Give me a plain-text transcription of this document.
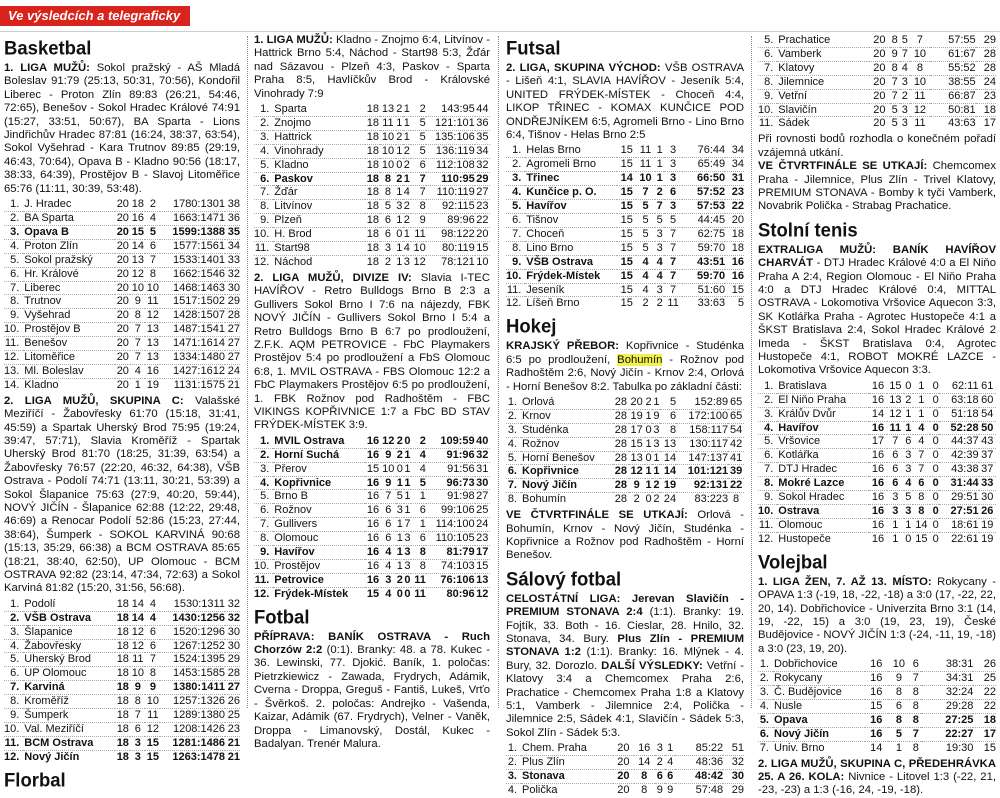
Ve výsledcích a telegraficky
Basketbal
1. LIGA MUŽŮ: Sokol pražský - AŠ Mladá Boleslav 91:79 (25:13, 50:31, 70:56), Kondořil Liberec - Proton Zlín 89:83 (26:21, 54:46, 72:65), Benešov - Sokol Hradec Králové 74:91 (15:27, 33:51, 50:67), BA Sparta - Lions Jindřichův Hradec 87:81 (16:24, 38:37, 63:54), Sokol Vyšehrad - Kara Trutnov 89:85 (29:19, 46:43, 70:64), Opava B - Kladno 90:56 (18:17, 38:33, 64:39), Prostějov B - Slavoj Litoměřice 65:76 (11:11, 30:39, 53:48).
1.	J. Hradec	20	18	2	1780:1301	38
2.	BA Sparta	20	16	4	1663:1471	36
3.	Opava B	20	15	5	1599:1388	35
4.	Proton Zlín	20	14	6	1577:1561	34
5.	Sokol pražský	20	13	7	1533:1401	33
6.	Hr. Králové	20	12	8	1662:1546	32
7.	Liberec	20	10	10	1468:1463	30
8.	Trutnov	20	9	11	1517:1502	29
9.	Vyšehrad	20	8	12	1428:1507	28
10.	Prostějov B	20	7	13	1487:1541	27
11.	Benešov	20	7	13	1471:1614	27
12.	Litoměřice	20	7	13	1334:1480	27
13.	Ml. Boleslav	20	4	16	1427:1612	24
14.	Kladno	20	1	19	1131:1575	21
2. LIGA MUŽŮ, SKUPINA C: Valašské Meziříčí - Žabovřesky 61:70 (15:18, 31:41, 45:59) a Spartak Uherský Brod 75:95 (19:24, 39:47, 57:71), Slavia Kroměříž - Spartak Uherský Brod 81:70 (18:25, 31:39, 63:54) a Žabovřesky 76:57 (22:20, 46:32, 64:38), VŠB Ostrava - Podolí 74:71 (13:11, 30:21, 53:39) a Sokol Šlapanice 75:63 (27:9, 40:20, 59:44), NOVÝ JIČÍN - Šlapanice 62:88 (12:22, 29:48, 46:69) a Renocar Podolí 52:86 (15:23, 27:44, 38:64), Šumperk - SOKOL KARVINÁ 90:68 (15:13, 35:29, 66:38) a BCM OSTRAVA 85:65 (18:21, 38:40, 62:50), UP Olomouc - BCM OSTRAVA 92:82 (23:14, 47:34, 72:63) a Sokol Karviná 81:82 (15:20, 31:56, 56:68).
1.	Podolí	18	14	4	1530:1311	32
2.	VŠB Ostrava	18	14	4	1430:1256	32
3.	Šlapanice	18	12	6	1520:1296	30
4.	Žabovřesky	18	12	6	1267:1252	30
5.	Uherský Brod	18	11	7	1524:1395	29
6.	UP Olomouc	18	10	8	1453:1585	28
7.	Karviná	18	9	9	1380:1411	27
8.	Kroměříž	18	8	10	1257:1326	26
9.	Šumperk	18	7	11	1289:1380	25
10.	Val. Meziříčí	18	6	12	1208:1426	23
11.	BCM Ostrava	18	3	15	1281:1486	21
12.	Nový Jičín	18	3	15	1263:1478	21
Florbal
1. LIGA MUŽŮ: Kladno - Znojmo 6:4, Litvínov - Hattrick Brno 5:4, Náchod - Start98 5:3, Žďár nad Sázavou - Plzeň 4:3, Paskov - Sparta Praha 8:5, Havlíčkův Brod - Královské Vinohrady 7:9
1.	Sparta	18	13	2	1	2	143:95	44
2.	Znojmo	18	11	1	1	5	121:101	36
3.	Hattrick	18	10	2	1	5	135:106	35
4.	Vinohrady	18	10	1	2	5	136:119	34
5.	Kladno	18	10	0	2	6	112:108	32
6.	Paskov	18	8	2	1	7	110:95	29
7.	Žďár	18	8	1	4	7	110:119	27
8.	Litvínov	18	5	3	2	8	92:115	23
9.	Plzeň	18	6	1	2	9	89:96	22
10.	H. Brod	18	6	0	1	11	98:122	20
11.	Start98	18	3	1	4	10	80:119	15
12.	Náchod	18	2	1	3	12	78:121	10
2. LIGA MUŽŮ, DIVIZE IV: Slavia I-TEC HAVÍŘOV - Retro Bulldogs Brno B 2:3 a Gullivers Sokol Brno I 7:6 na nájezdy, FBK NOVÝ JIČÍN - Gullivers Sokol Brno I 5:4 a Retro Bulldogs Brno B 6:7 po prodloužení, Z.F.K. AQM PETROVICE - FbC Playmakers Prostějov 5:4 po prodloužení a FbS Olomouc 6:8, 1. MVIL OSTRAVA - FBS Olomouc 12:2 a FbC Playmakers Prostějov 6:5 po prodloužení, 1. FBK Rožnov pod Radhoštěm - FBC VIKINGS KOPŘIVNICE 1:7 a FbC BD STAV FRÝDEK-MÍSTEK 3:9.
1.	MVIL Ostrava	16	12	2	0	2	109:59	40
2.	Horní Suchá	16	9	2	1	4	91:96	32
3.	Přerov	15	10	0	1	4	91:56	31
4.	Kopřivnice	16	9	1	1	5	96:73	30
5.	Brno B	16	7	5	1	1	91:98	27
6.	Rožnov	16	6	3	1	6	99:106	25
7.	Gullivers	16	6	1	7	1	114:100	24
8.	Olomouc	16	6	1	3	6	110:105	23
9.	Havířov	16	4	1	3	8	81:79	17
10.	Prostějov	16	4	1	3	8	74:103	15
11.	Petrovice	16	3	2	0	11	76:106	13
12.	Frýdek-Místek	15	4	0	0	11	80:96	12
Fotbal
PŘÍPRAVA: BANÍK OSTRAVA - Ruch Chorzów 2:2 (0:1). Branky: 48. a 78. Kukec - 36. Lewinski, 77. Djokić. Baník, 1. poločas: Pietrzkiewicz - Zawada, Frydrych, Adámik, Cverna - Droppa, Greguš - Fantiš, Lukeš, Vrťo - Švěrkoš. 2. poločas: Andrejko - Vašenda, Kaizar, Adámik (67. Frydrych), Velner - Vaněk, Droppa - Limanovský, Dostál, Kukec - Badalyan. Trenér Malura.
Futsal
2. LIGA, SKUPINA VÝCHOD: VŠB OSTRAVA - Lišeň 4:1, SLAVIA HAVÍŘOV - Jeseník 5:4, UNITED FRÝDEK-MÍSTEK - Choceň 4:4, LIKOP TŘINEC - KOMAX KUNČICE POD ONDŘEJNÍKEM 6:5, Agromeli Brno - Lino Brno 6:4, Tišnov - Helas Brno 2:5
1.	Helas Brno	15	11	1	3	76:44	34
2.	Agromeli Brno	15	11	1	3	65:49	34
3.	Třinec	14	10	1	3	66:50	31
4.	Kunčice p. O.	15	7	2	6	57:52	23
5.	Havířov	15	5	7	3	57:53	22
6.	Tišnov	15	5	5	5	44:45	20
7.	Choceň	15	5	3	7	62:75	18
8.	Lino Brno	15	5	3	7	59:70	18
9.	VŠB Ostrava	15	4	4	7	43:51	16
10.	Frýdek-Místek	15	4	4	7	59:70	16
11.	Jeseník	15	4	3	7	51:60	15
12.	Líšeň Brno	15	2	2	11	33:63	5
Hokej
KRAJSKÝ PŘEBOR: Kopřivnice - Studénka 6:5 po prodloužení, Bohumín - Rožnov pod Radhoštěm 2:6, Nový Jičín - Krnov 2:4, Orlová - Horní Benešov 8:2. Tabulka po základní části:
1.	Orlová	28	20	2	1	5	152:89	65
2.	Krnov	28	19	1	9	6	172:100	65
3.	Studénka	28	17	0	3	8	158:117	54
4.	Rožnov	28	15	1	3	13	130:117	42
5.	Horní Benešov	28	13	0	1	14	147:137	41
6.	Kopřivnice	28	12	1	1	14	101:121	39
7.	Nový Jičín	28	9	1	2	19	92:131	22
8.	Bohumín	28	2	0	2	24	83:223	8
VE ČTVRTFINÁLE SE UTKAJÍ: Orlová - Bohumín, Krnov - Nový Jičín, Studénka - Kopřivnice a Rožnov pod Radhoštěm - Horní Benešov.
Sálový fotbal
CELOSTÁTNÍ LIGA: Jerevan Slavičín - PREMIUM STONAVA 2:4 (1:1). Branky: 19. Fojtík, 33. Both - 16. Cieslar, 28. Hnilo, 32. Stonava, 34. Bury. Plus Zlín - PREMIUM STONAVA 1:2 (1:1). Branky: 16. Mlýnek - 4. Bury, 32. Dorozlo. DALŠÍ VÝSLEDKY: Vetřní - Klatovy 3:4 a Chemcomex Praha 2:6, Prachatice - Chemcomex Praha 1:8 a Klatovy 5:1, Vamberk - Jilemnice 2:4, Polička - Jilemnice 2:5, Sádek 4:1, Slavičín - Sádek 5:3, Sokol Zlín - Sádek 5:3.
1.	Chem. Praha	20	16	3	1	85:22	51
2.	Plus Zlín	20	14	2	4	48:36	32
3.	Stonava	20	8	6	6	48:42	30
4.	Polička	20	8	9	9	57:48	29
5.	Prachatice	20	8	5	7	57:55	29
6.	Vamberk	20	9	7	10	61:67	28
7.	Klatovy	20	8	4	8	55:52	28
8.	Jilemnice	20	7	3	10	38:55	24
9.	Vetřní	20	7	2	11	66:87	23
10.	Slavičín	20	5	3	12	50:81	18
11.	Sádek	20	5	3	11	43:63	17
Při rovnosti bodů rozhodla o konečném pořadí vzájemná utkání.
VE ČTVRTFINÁLE SE UTKAJÍ: Chemcomex Praha - Jilemnice, Plus Zlín - Trivel Klatovy, PREMIUM STONAVA - Bomby k tyči Vamberk, Novabrik Polička - Strabag Prachatice.
Stolní tenis
EXTRALIGA MUŽŮ: BANÍK HAVÍŘOV CHARVÁT - DTJ Hradec Králové 4:0 a El Niňo Praha A 2:4, Region Olomouc - El Niňo Praha 4:0 a DTJ Hradec Králové 0:4, MITTAL OSTRAVA - Lokomotiva Vršovice Aquecon 3:3, SK Kotlářka Praha - Agrotec Hustopeče 4:1 a ŠKST Bratislava 2:4, Sokol Hradec Králové 2 Imeda - ŠKST Bratislava 0:4, Agrotec Hustopeče 4:1, ROBOT MOKRÉ LAZCE - Lokomotiva Vršovice Aquecon 3:3.
1.	Bratislava	16	15	0	1	0	62:11	61
2.	El Niňo Praha	16	13	2	1	0	63:18	60
3.	Králův Dvůr	14	12	1	1	0	51:18	54
4.	Havířov	16	11	1	4	0	52:28	50
5.	Vršovice	17	7	6	4	0	44:37	43
6.	Kotlářka	16	6	3	7	0	42:39	37
7.	DTJ Hradec	16	6	3	7	0	43:38	37
8.	Mokré Lazce	16	6	4	6	0	31:44	33
9.	Sokol Hradec	16	3	5	8	0	29:51	30
10.	Ostrava	16	3	3	8	0	27:51	26
11.	Olomouc	16	1	1	14	0	18:61	19
12.	Hustopeče	16	1	0	15	0	22:61	19
Volejbal
1. LIGA ŽEN, 7. AŽ 13. MÍSTO: Rokycany - OPAVA 1:3 (-19, 18, -22, -18) a 3:0 (17, -22, 22, 20, 14). Dobřichovice - Univerzita Brno 3:1 (14, 19, -22, 15) a 3:0 (19, 23, 19), České Budějovice - NOVÝ JIČÍN 1:3 (-24, -11, 19, -18) a 3:0 (23, 19, 20).
1.	Dobřichovice	16	10	6	38:31	26
2.	Rokycany	16	9	7	34:31	25
3.	Č. Budějovice	16	8	8	32:24	22
4.	Nusle	15	6	8	29:28	22
5.	Opava	16	8	8	27:25	18
6.	Nový Jičín	16	5	7	22:27	17
7.	Univ. Brno	14	1	8	19:30	15
2. LIGA MUŽŮ, SKUPINA C, PŘEDEHRÁVKA 25. A 26. KOLA: Nivnice - Litovel 1:3 (-22, 21, -23, -23) a 1:3 (-16, 24, -19, -18).
